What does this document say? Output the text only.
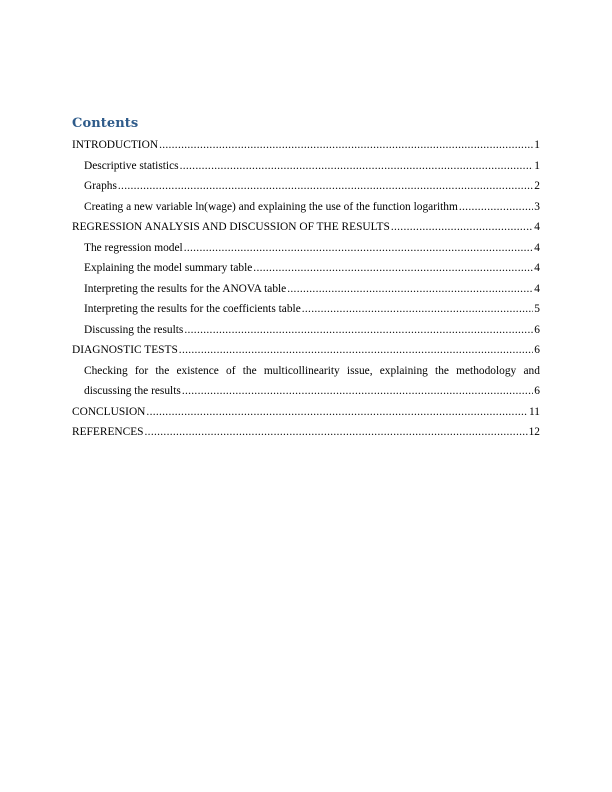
Contents
INTRODUCTION .....	1
Descriptive statistics .....	1
Graphs .....	2
Creating a new variable ln(wage) and explaining the use of the function logarithm .....	3
REGRESSION ANALYSIS AND DISCUSSION OF THE RESULTS .....	4
The regression model .....	4
Explaining the model summary table .....	4
Interpreting the results for the ANOVA table .....	4
Interpreting the results for the coefficients table .....	5
Discussing the results .....	6
DIAGNOSTIC TESTS .....	6
Checking for the existence of the multicollinearity issue, explaining the methodology and
discussing the results .....	6
CONCLUSION .....	11
REFERENCES .....	12
